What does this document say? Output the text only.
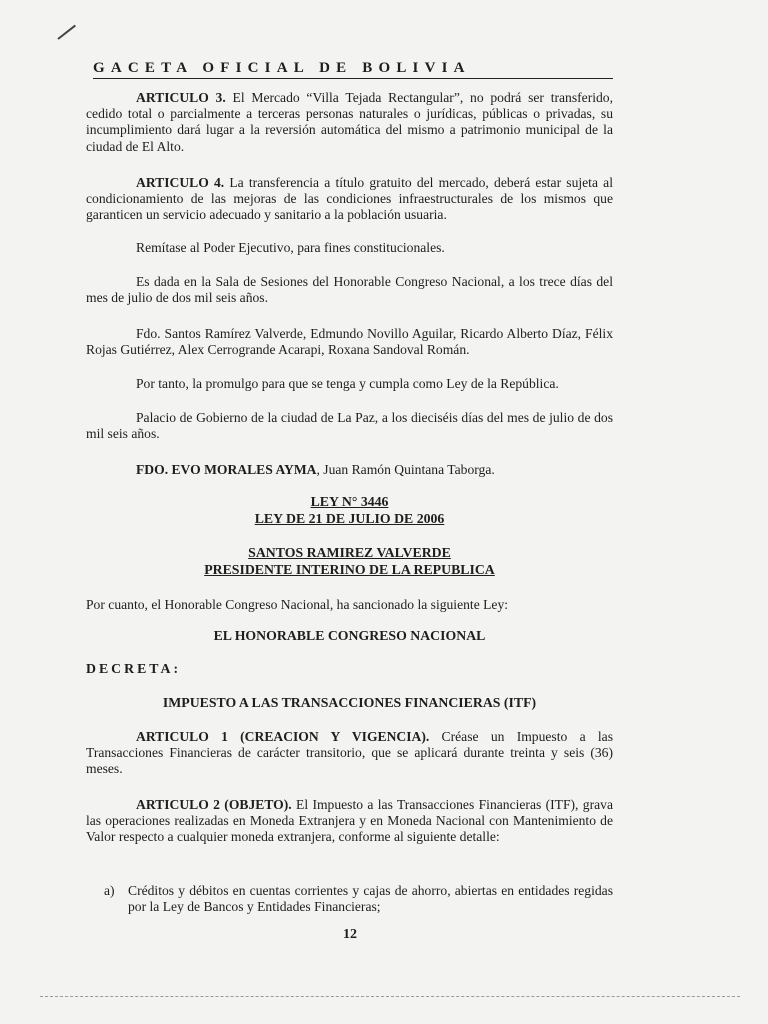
GACETA OFICIAL DE BOLIVIA

ARTICULO 3. El Mercado “Villa Tejada Rectangular”, no podrá ser transferido, cedido total o parcialmente a terceras personas naturales o jurídicas, públicas o privadas, su incumplimiento dará lugar a la reversión automática del mismo a patrimonio municipal de la ciudad de El Alto.

ARTICULO 4. La transferencia a título gratuito del mercado, deberá estar sujeta al condicionamiento de las mejoras de las condiciones infraestructurales de los mismos que garanticen un servicio adecuado y sanitario a la población usuaria.

Remítase al Poder Ejecutivo, para fines constitucionales.

Es dada en la Sala de Sesiones del Honorable Congreso Nacional, a los trece días del mes de julio de dos mil seis años.

Fdo. Santos Ramírez Valverde, Edmundo Novillo Aguilar, Ricardo Alberto Díaz, Félix Rojas Gutiérrez, Alex Cerrogrande Acarapi, Roxana Sandoval Román.

Por tanto, la promulgo para que se tenga y cumpla como Ley de la República.

Palacio de Gobierno de la ciudad de La Paz, a los dieciséis días del mes de julio de dos mil seis años.

FDO. EVO MORALES AYMA, Juan Ramón Quintana Taborga.

LEY N° 3446
LEY DE 21 DE JULIO DE 2006
SANTOS RAMIREZ VALVERDE
PRESIDENTE INTERINO DE LA REPUBLICA

Por cuanto, el Honorable Congreso Nacional, ha sancionado la siguiente Ley:

EL HONORABLE CONGRESO NACIONAL
DECRETA:
IMPUESTO A LAS TRANSACCIONES FINANCIERAS (ITF)

ARTICULO 1 (CREACION Y VIGENCIA). Créase un Impuesto a las Transacciones Financieras de carácter transitorio, que se aplicará durante treinta y seis (36) meses.

ARTICULO 2 (OBJETO). El Impuesto a las Transacciones Financieras (ITF), grava las operaciones realizadas en Moneda Extranjera y en Moneda Nacional con Mantenimiento de Valor respecto a cualquier moneda extranjera, conforme al siguiente detalle:

a) Créditos y débitos en cuentas corrientes y cajas de ahorro, abiertas en entidades regidas por la Ley de Bancos y Entidades Financieras;
12
